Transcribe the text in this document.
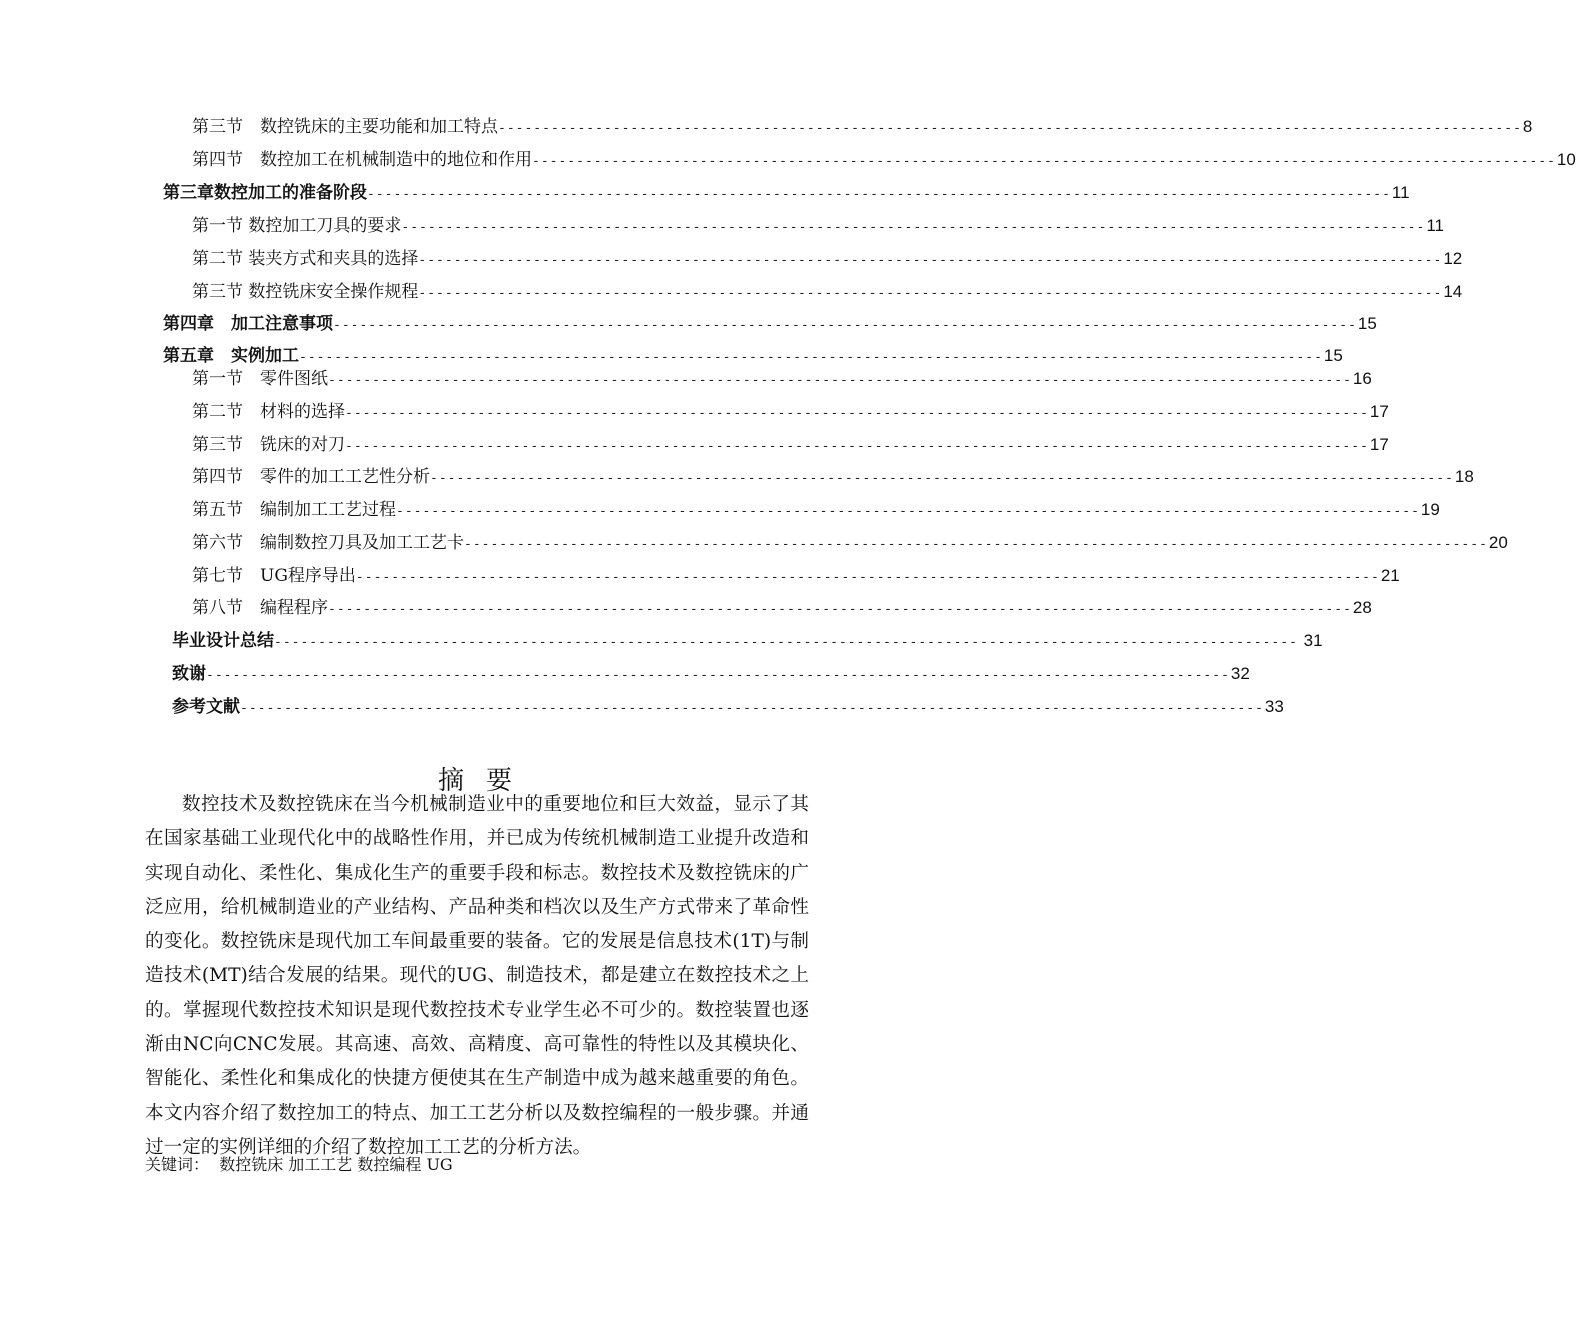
第三节　数控铣床的主要功能和加工特点 -------------------------------------------------------------------------------------------------------------------- 8
第四节　数控加工在机械制造中的地位和作用 -------------------------------------------------------------------------------------------------------------------- 10
第三章数控加工的准备阶段 -------------------------------------------------------------------------------------------------------------------- 11
第一节 数控加工刀具的要求 -------------------------------------------------------------------------------------------------------------------- 11
第二节 装夹方式和夹具的选择 -------------------------------------------------------------------------------------------------------------------- 12
第三节 数控铣床安全操作规程 -------------------------------------------------------------------------------------------------------------------- 14
第四章　加工注意事项 -------------------------------------------------------------------------------------------------------------------- 15
第五章　实例加工 -------------------------------------------------------------------------------------------------------------------- 15
第一节　零件图纸 -------------------------------------------------------------------------------------------------------------------- 16
第二节　材料的选择 -------------------------------------------------------------------------------------------------------------------- 17
第三节　铣床的对刀 -------------------------------------------------------------------------------------------------------------------- 17
第四节　零件的加工工艺性分析 -------------------------------------------------------------------------------------------------------------------- 18
第五节　编制加工工艺过程 -------------------------------------------------------------------------------------------------------------------- 19
第六节　编制数控刀具及加工工艺卡 -------------------------------------------------------------------------------------------------------------------- 20
第七节　UG程序导出 -------------------------------------------------------------------------------------------------------------------- 21
第八节　编程程序 -------------------------------------------------------------------------------------------------------------------- 28
毕业设计总结 -------------------------------------------------------------------------------------------------------------------- 31
致谢 -------------------------------------------------------------------------------------------------------------------- 32
参考文献 -------------------------------------------------------------------------------------------------------------------- 33
摘要

数控技术及数控铣床在当今机械制造业中的重要地位和巨大效益，显示了其在国家基础工业现代化中的战略性作用，并已成为传统机械制造工业提升改造和实现自动化、柔性化、集成化生产的重要手段和标志。数控技术及数控铣床的广泛应用，给机械制造业的产业结构、产品种类和档次以及生产方式带来了革命性的变化。数控铣床是现代加工车间最重要的装备。它的发展是信息技术(1T)与制造技术(MT)结合发展的结果。现代的UG、制造技术，都是建立在数控技术之上的。掌握现代数控技术知识是现代数控技术专业学生必不可少的。数控装置也逐渐由NC向CNC发展。其高速、高效、高精度、高可靠性的特性以及其模块化、智能化、柔性化和集成化的快捷方便使其在生产制造中成为越来越重要的角色。本文内容介绍了数控加工的特点、加工工艺分析以及数控编程的一般步骤。并通过一定的实例详细的介绍了数控加工工艺的分析方法。

关键词：  数控铣床 加工工艺 数控编程 UG
